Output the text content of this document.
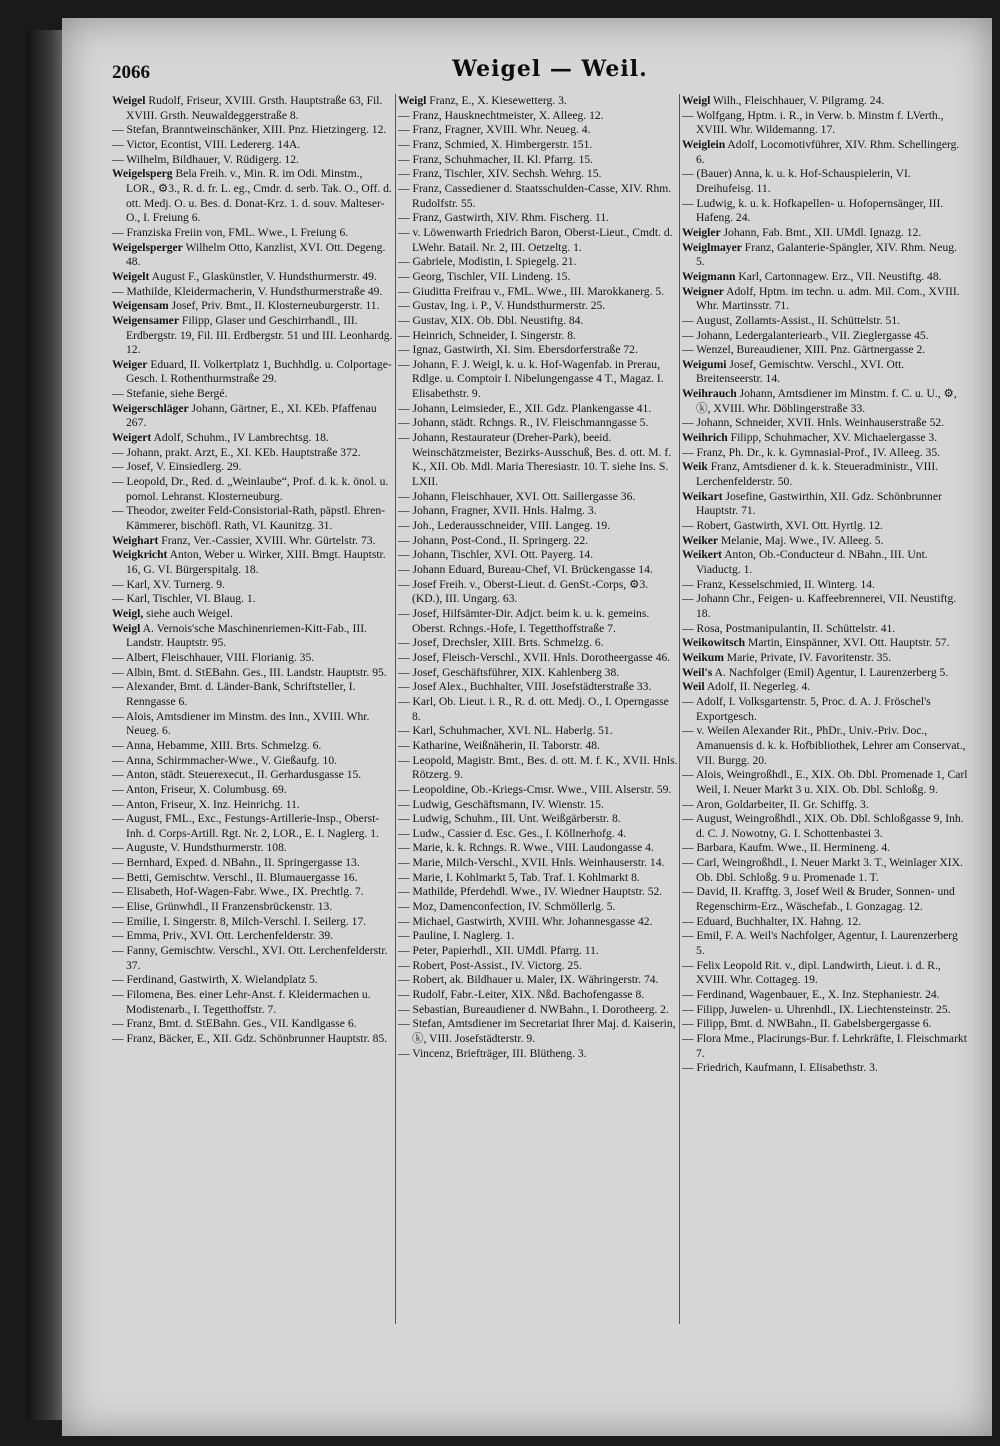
2066	Weigel — Weil.

Weigel Rudolf, Friseur, XVIII. Grsth. Hauptstraße 63, Fil. XVIII. Grsth. Neuwaldeggerstraße 8.

— Stefan, Branntweinschänker, XIII. Pnz. Hietzingerg. 12.

— Victor, Econtist, VIII. Ledererg. 14A.

— Wilhelm, Bildhauer, V. Rüdigerg. 12.

Weigelsperg Bela Freih. v., Min. R. im Odi. Minstm., LOR., ⚙3., R. d. fr. L. eg., Cmdr. d. serb. Tak. O., Off. d. ott. Medj. O. u. Bes. d. Donat-Krz. 1. d. souv. Malteser-O., I. Freiung 6.

— Franziska Freiin von, FML. Wwe., I. Freiung 6.

Weigelsperger Wilhelm Otto, Kanzlist, XVI. Ott. Degeng. 48.

Weigelt August F., Glaskünstler, V. Hundsthurmerstr. 49.

— Mathilde, Kleidermacherin, V. Hundsthurmerstraße 49.

Weigensam Josef, Priv. Bmt., II. Klosterneuburgerstr. 11.

Weigensamer Filipp, Glaser und Geschirrhandl., III. Erdbergstr. 19, Fil. III. Erdbergstr. 51 und III. Leonhardg. 12.

Weiger Eduard, II. Volkertplatz 1, Buchhdlg. u. Colportage-Gesch. I. Rothenthurmstraße 29.

— Stefanie, siehe Bergé.

Weigerschläger Johann, Gärtner, E., XI. KEb. Pfaffenau 267.

Weigert Adolf, Schuhm., IV Lambrechtsg. 18.

— Johann, prakt. Arzt, E., XI. KEb. Hauptstraße 372.

— Josef, V. Einsiedlerg. 29.

— Leopold, Dr., Red. d. „Weinlaube“, Prof. d. k. k. önol. u. pomol. Lehranst. Klosterneuburg.

— Theodor, zweiter Feld-Consistorial-Rath, päpstl. Ehren-Kämmerer, bischöfl. Rath, VI. Kaunitzg. 31.

Weighart Franz, Ver.-Cassier, XVIII. Whr. Gürtelstr. 73.

Weigkricht Anton, Weber u. Wirker, XIII. Bmgt. Hauptstr. 16, G. VI. Bürgerspitalg. 18.

— Karl, XV. Turnerg. 9.

— Karl, Tischler, VI. Blaug. 1.

Weigl, siehe auch Weigel.

Weigl A. Vernois'sche Maschinenriemen-Kitt-Fab., III. Landstr. Hauptstr. 95.

— Albert, Fleischhauer, VIII. Florianig. 35.

— Albin, Bmt. d. StEBahn. Ges., III. Landstr. Hauptstr. 95.

— Alexander, Bmt. d. Länder-Bank, Schriftsteller, I. Renngasse 6.

— Alois, Amtsdiener im Minstm. des Inn., XVIII. Whr. Neueg. 6.

— Anna, Hebamme, XIII. Brts. Schmelzg. 6.

— Anna, Schirmmacher-Wwe., V. Gießaufg. 10.

— Anton, städt. Steuerexecut., II. Gerhardusgasse 15.

— Anton, Friseur, X. Columbusg. 69.

— Anton, Friseur, X. Inz. Heinrichg. 11.

— August, FML., Exc., Festungs-Artillerie-Insp., Oberst-Inh. d. Corps-Artill. Rgt. Nr. 2, LOR., E. I. Naglerg. 1.

— Auguste, V. Hundsthurmerstr. 108.

— Bernhard, Exped. d. NBahn., II. Springergasse 13.

— Betti, Gemischtw. Verschl., II. Blumauergasse 16.

— Elisabeth, Hof-Wagen-Fabr. Wwe., IX. Prechtlg. 7.

— Elise, Grünwhdl., II Franzensbrückenstr. 13.

— Emilie, I. Singerstr. 8, Milch-Verschl. I. Seilerg. 17.

— Emma, Priv., XVI. Ott. Lerchenfelderstr. 39.

— Fanny, Gemischtw. Verschl., XVI. Ott. Lerchenfelderstr. 37.

— Ferdinand, Gastwirth, X. Wielandplatz 5.

— Filomena, Bes. einer Lehr-Anst. f. Kleidermachen u. Modistenarb., I. Tegetthoffstr. 7.

— Franz, Bmt. d. StEBahn. Ges., VII. Kandlgasse 6.

— Franz, Bäcker, E., XII. Gdz. Schönbrunner Hauptstr. 85.

Weigl Franz, E., X. Kiesewetterg. 3.

— Franz, Hausknechtmeister, X. Alleeg. 12.

— Franz, Fragner, XVIII. Whr. Neueg. 4.

— Franz, Schmied, X. Himbergerstr. 151.

— Franz, Schuhmacher, II. Kl. Pfarrg. 15.

— Franz, Tischler, XIV. Sechsh. Wehrg. 15.

— Franz, Cassediener d. Staatsschulden-Casse, XIV. Rhm. Rudolfstr. 55.

— Franz, Gastwirth, XIV. Rhm. Fischerg. 11.

— v. Löwenwarth Friedrich Baron, Oberst-Lieut., Cmdt. d. LWehr. Batail. Nr. 2, III. Oetzeltg. 1.

— Gabriele, Modistin, I. Spiegelg. 21.

— Georg, Tischler, VII. Lindeng. 15.

— Giuditta Freifrau v., FML. Wwe., III. Marokkanerg. 5.

— Gustav, Ing. i. P., V. Hundsthurmerstr. 25.

— Gustav, XIX. Ob. Dbl. Neustiftg. 84.

— Heinrich, Schneider, I. Singerstr. 8.

— Ignaz, Gastwirth, XI. Sim. Ebersdorferstraße 72.

— Johann, F. J. Weigl, k. u. k. Hof-Wagenfab. in Prerau, Rdlge. u. Comptoir I. Nibelungengasse 4 T., Magaz. I. Elisabethstr. 9.

— Johann, Leimsieder, E., XII. Gdz. Plankengasse 41.

— Johann, städt. Rchngs. R., IV. Fleischmanngasse 5.

— Johann, Restaurateur (Dreher-Park), beeid. Weinschätzmeister, Bezirks-Ausschuß, Bes. d. ott. M. f. K., XII. Ob. Mdl. Maria Theresiastr. 10. T. siehe Ins. S. LXII.

— Johann, Fleischhauer, XVI. Ott. Saillergasse 36.

— Johann, Fragner, XVII. Hnls. Halmg. 3.

— Joh., Lederausschneider, VIII. Langeg. 19.

— Johann, Post-Cond., II. Springerg. 22.

— Johann, Tischler, XVI. Ott. Payerg. 14.

— Johann Eduard, Bureau-Chef, VI. Brückengasse 14.

— Josef Freih. v., Oberst-Lieut. d. GenSt.-Corps, ⚙3. (KD.), III. Ungarg. 63.

— Josef, Hilfsämter-Dir. Adjct. beim k. u. k. gemeins. Oberst. Rchngs.-Hofe, I. Tegetthoffstraße 7.

— Josef, Drechsler, XIII. Brts. Schmelzg. 6.

— Josef, Fleisch-Verschl., XVII. Hnls. Dorotheergasse 46.

— Josef, Geschäftsführer, XIX. Kahlenberg 38.

— Josef Alex., Buchhalter, VIII. Josefstädterstraße 33.

— Karl, Ob. Lieut. i. R., R. d. ott. Medj. O., I. Operngasse 8.

— Karl, Schuhmacher, XVI. NL. Haberlg. 51.

— Katharine, Weißnäherin, II. Taborstr. 48.

— Leopold, Magistr. Bmt., Bes. d. ott. M. f. K., XVII. Hnls. Rötzerg. 9.

— Leopoldine, Ob.-Kriegs-Cmsr. Wwe., VIII. Alserstr. 59.

— Ludwig, Geschäftsmann, IV. Wienstr. 15.

— Ludwig, Schuhm., III. Unt. Weißgärberstr. 8.

— Ludw., Cassier d. Esc. Ges., I. Köllnerhofg. 4.

— Marie, k. k. Rchngs. R. Wwe., VIII. Laudongasse 4.

— Marie, Milch-Verschl., XVII. Hnls. Weinhauserstr. 14.

— Marie, I. Kohlmarkt 5, Tab. Traf. I. Kohlmarkt 8.

— Mathilde, Pferdehdl. Wwe., IV. Wiedner Hauptstr. 52.

— Moz, Damenconfection, IV. Schmöllerlg. 5.

— Michael, Gastwirth, XVIII. Whr. Johannesgasse 42.

— Pauline, I. Naglerg. 1.

— Peter, Papierhdl., XII. UMdl. Pfarrg. 11.

— Robert, Post-Assist., IV. Victorg. 25.

— Robert, ak. Bildhauer u. Maler, IX. Währingerstr. 74.

— Rudolf, Fabr.-Leiter, XIX. Nßd. Bachofengasse 8.

— Sebastian, Bureaudiener d. NWBahn., I. Dorotheerg. 2.

— Stefan, Amtsdiener im Secretariat Ihrer Maj. d. Kaiserin, ⓚ, VIII. Josefstädterstr. 9.

— Vincenz, Briefträger, III. Blütheng. 3.

Weigl Wilh., Fleischhauer, V. Pilgramg. 24.

— Wolfgang, Hptm. i. R., in Verw. b. Minstm f. LVerth., XVIII. Whr. Wildemanng. 17.

Weiglein Adolf, Locomotivführer, XIV. Rhm. Schellingerg. 6.

— (Bauer) Anna, k. u. k. Hof-Schauspielerin, VI. Dreihufeisg. 11.

— Ludwig, k. u. k. Hofkapellen- u. Hofopernsänger, III. Hafeng. 24.

Weigler Johann, Fab. Bmt., XII. UMdl. Ignazg. 12.

Weiglmayer Franz, Galanterie-Spängler, XIV. Rhm. Neug. 5.

Weigmann Karl, Cartonnagew. Erz., VII. Neustiftg. 48.

Weigner Adolf, Hptm. im techn. u. adm. Mil. Com., XVIII. Whr. Martinsstr. 71.

— August, Zollamts-Assist., II. Schüttelstr. 51.

— Johann, Ledergalanteriearb., VII. Zieglergasse 45.

— Wenzel, Bureaudiener, XIII. Pnz. Gärtnergasse 2.

Weigumi Josef, Gemischtw. Verschl., XVI. Ott. Breitenseerstr. 14.

Weihrauch Johann, Amtsdiener im Minstm. f. C. u. U., ⚙, ⓚ, XVIII. Whr. Döblingerstraße 33.

— Johann, Schneider, XVII. Hnls. Weinhauserstraße 52.

Weihrich Filipp, Schuhmacher, XV. Michaelergasse 3.

— Franz, Ph. Dr., k. k. Gymnasial-Prof., IV. Alleeg. 35.

Weik Franz, Amtsdiener d. k. k. Steueradministr., VIII. Lerchenfelderstr. 50.

Weikart Josefine, Gastwirthin, XII. Gdz. Schönbrunner Hauptstr. 71.

— Robert, Gastwirth, XVI. Ott. Hyrtlg. 12.

Weiker Melanie, Maj. Wwe., IV. Alleeg. 5.

Weikert Anton, Ob.-Conducteur d. NBahn., III. Unt. Viaductg. 1.

— Franz, Kesselschmied, II. Winterg. 14.

— Johann Chr., Feigen- u. Kaffeebrennerei, VII. Neustiftg. 18.

— Rosa, Postmanipulantin, II. Schüttelstr. 41.

Weikowitsch Martin, Einspänner, XVI. Ott. Hauptstr. 57.

Weikum Marie, Private, IV. Favoritenstr. 35.

Weil's A. Nachfolger (Emil) Agentur, I. Laurenzerberg 5.

Weil Adolf, II. Negerleg. 4.

— Adolf, I. Volksgartenstr. 5, Proc. d. A. J. Fröschel's Exportgesch.

— v. Weilen Alexander Rit., PhDr., Univ.-Priv. Doc., Amanuensis d. k. k. Hofbibliothek, Lehrer am Conservat., VII. Burgg. 20.

— Alois, Weingroßhdl., E., XIX. Ob. Dbl. Promenade 1, Carl Weil, I. Neuer Markt 3 u. XIX. Ob. Dbl. Schloßg. 9.

— Aron, Goldarbeiter, II. Gr. Schiffg. 3.

— August, Weingroßhdl., XIX. Ob. Dbl. Schloßgasse 9, Inh. d. C. J. Nowotny, G. I. Schottenbastei 3.

— Barbara, Kaufm. Wwe., II. Hermineng. 4.

— Carl, Weingroßhdl., I. Neuer Markt 3. T., Weinlager XIX. Ob. Dbl. Schloßg. 9 u. Promenade 1. T.

— David, II. Krafftg. 3, Josef Weil & Bruder, Sonnen- und Regenschirm-Erz., Wäschefab., I. Gonzagag. 12.

— Eduard, Buchhalter, IX. Hahng. 12.

— Emil, F. A. Weil's Nachfolger, Agentur, I. Laurenzerberg 5.

— Felix Leopold Rit. v., dipl. Landwirth, Lieut. i. d. R., XVIII. Whr. Cottageg. 19.

— Ferdinand, Wagenbauer, E., X. Inz. Stephaniestr. 24.

— Filipp, Juwelen- u. Uhrenhdl., IX. Liechtensteinstr. 25.

— Filipp, Bmt. d. NWBahn., II. Gabelsbergergasse 6.

— Flora Mme., Placirungs-Bur. f. Lehrkräfte, I. Fleischmarkt 7.

— Friedrich, Kaufmann, I. Elisabethstr. 3.
